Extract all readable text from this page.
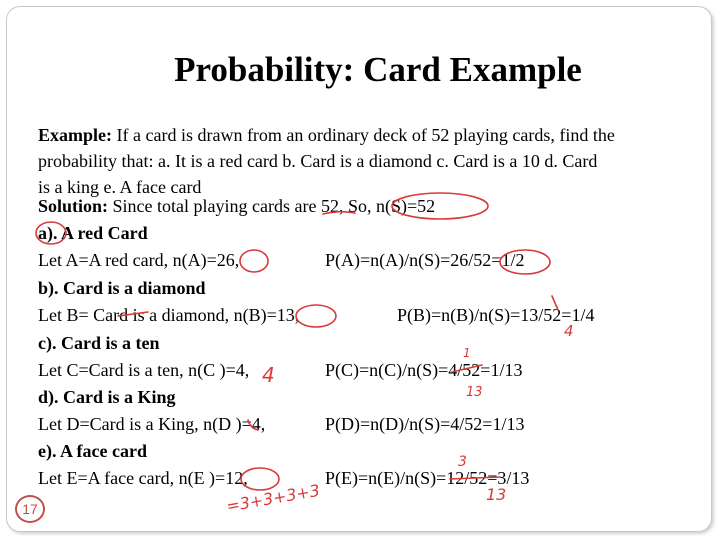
Probability: Card Example
Example: If a card is drawn from an ordinary deck of 52 playing cards, find the
probability that: a. It is a red card b. Card is a diamond c. Card is a 10 d. Card
is a king e. A face card
Solution: Since total playing cards are 52, So, n(S)=52
a). A red Card
Let A=A red card, n(A)=26,	P(A)=n(A)/n(S)=26/52=1/2
b). Card is a diamond
Let B= Card is a diamond, n(B)=13,	P(B)=n(B)/n(S)=13/52=1/4
c). Card is a ten
Let C=Card is a ten, n(C )=4,	P(C)=n(C)/n(S)=4/52=1/13
d). Card is a King
Let D=Card is a King, n(D )=4,	P(D)=n(D)/n(S)=4/52=1/13
e). A face card
Let E=A face card, n(E )=12,	P(E)=n(E)/n(S)=12/52=3/13
4
1
4
13
3
13
=3+3+3+3
17
